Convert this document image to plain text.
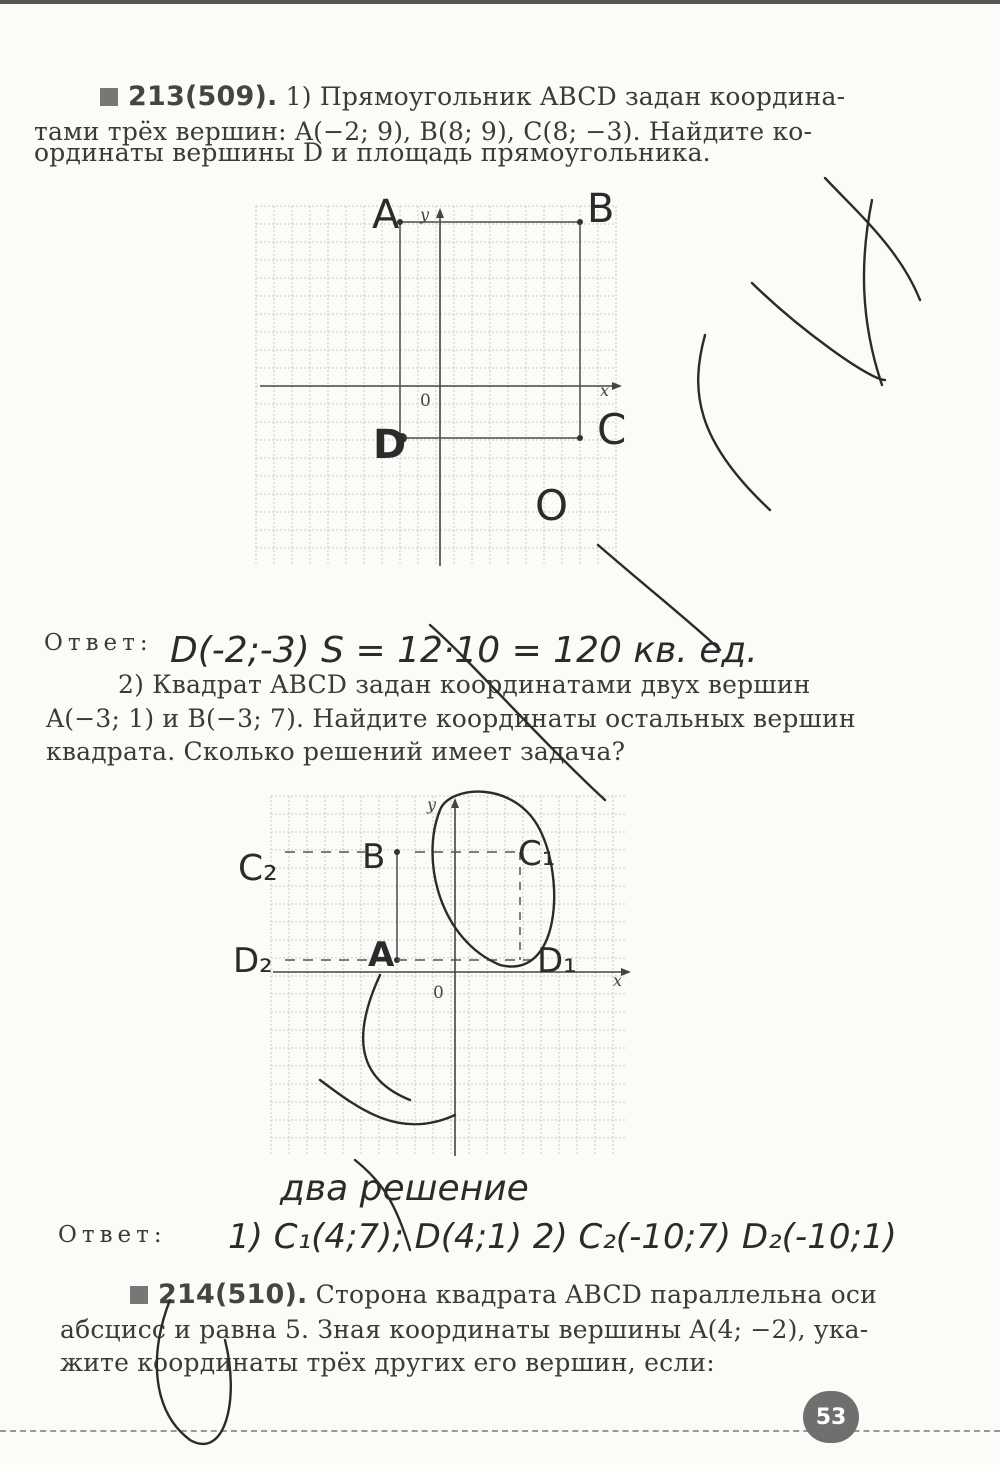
213(509). 1) Прямоугольник ABCD задан координа-

тами трёх вершин: A(−2; 9), B(8; 9), C(8; −3). Найдите ко-

ординаты вершины D и площадь прямоугольника.

y
x
0
Ответ:

2) Квадрат ABCD задан координатами двух вершин

A(−3; 1) и B(−3; 7). Найдите координаты остальных вершин

квадрата. Сколько решений имеет задача?

y
x
0
Ответ:

214(510). Сторона квадрата ABCD параллельна оси

абсцисс и равна 5. Зная координаты вершины A(4; −2), ука-

жите координаты трёх других его вершин, если:

53
A	B
C
D
O
D(-2;-3) S = 12·10 = 120 кв. ед.
C₂ B	C₁
D₂	A	D₁
два решение
1) C₁(4;7); D(4;1) 2) C₂(-10;7) D₂(-10;1)
